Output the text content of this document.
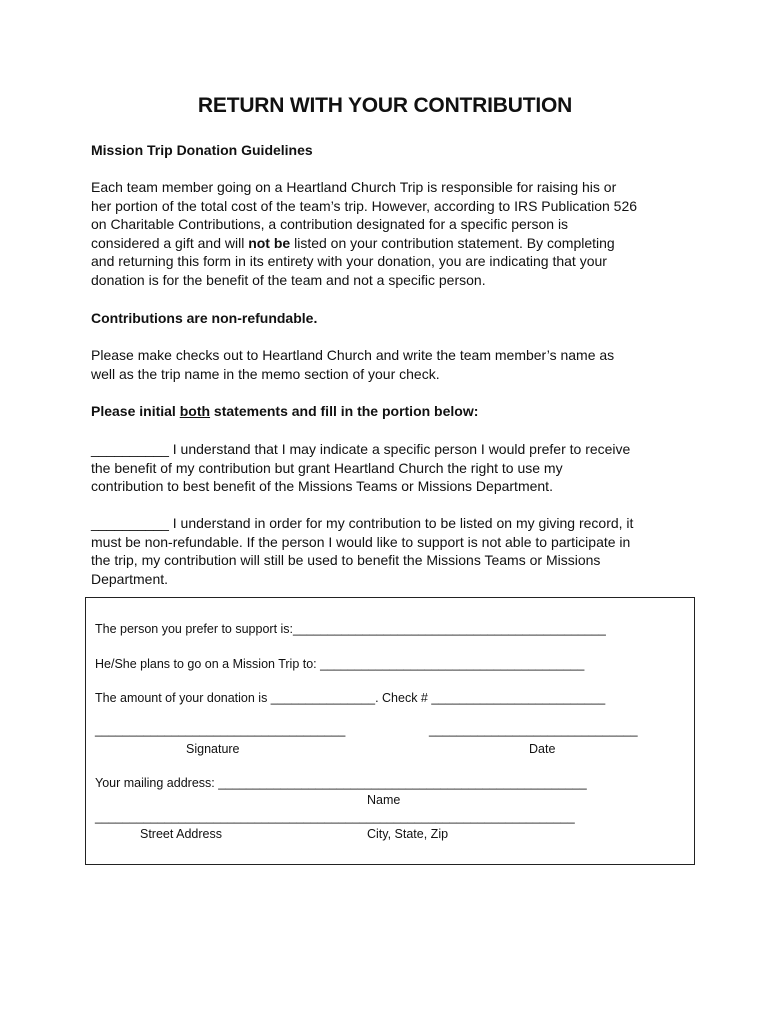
RETURN WITH YOUR CONTRIBUTION

Mission Trip Donation Guidelines

Each team member going on a Heartland Church Trip is responsible for raising his or
her portion of the total cost of the team’s trip. However, according to IRS Publication 526
on Charitable Contributions, a contribution designated for a specific person is
considered a gift and will not be listed on your contribution statement. By completing
and returning this form in its entirety with your donation, you are indicating that your
donation is for the benefit of the team and not a specific person.

Contributions are non-refundable.

Please make checks out to Heartland Church and write the team member’s name as
well as the trip name in the memo section of your check.

Please initial both statements and fill in the portion below:

__________ I understand that I may indicate a specific person I would prefer to receive
the benefit of my contribution but grant Heartland Church the right to use my
contribution to best benefit of the Missions Teams or Missions Department.

__________ I understand in order for my contribution to be listed on my giving record, it
must be non-refundable. If the person I would like to support is not able to participate in
the trip, my contribution will still be used to benefit the Missions Teams or Missions
Department.

The person you prefer to support is:_____________________________________________

He/She plans to go on a Mission Trip to: ______________________________________

The amount of your donation is _______________. Check # _________________________

____________________________________	______________________________

Signature	Date

Your mailing address: _____________________________________________________

Name

_____________________________________________________________________

Street Address	City, State, Zip
